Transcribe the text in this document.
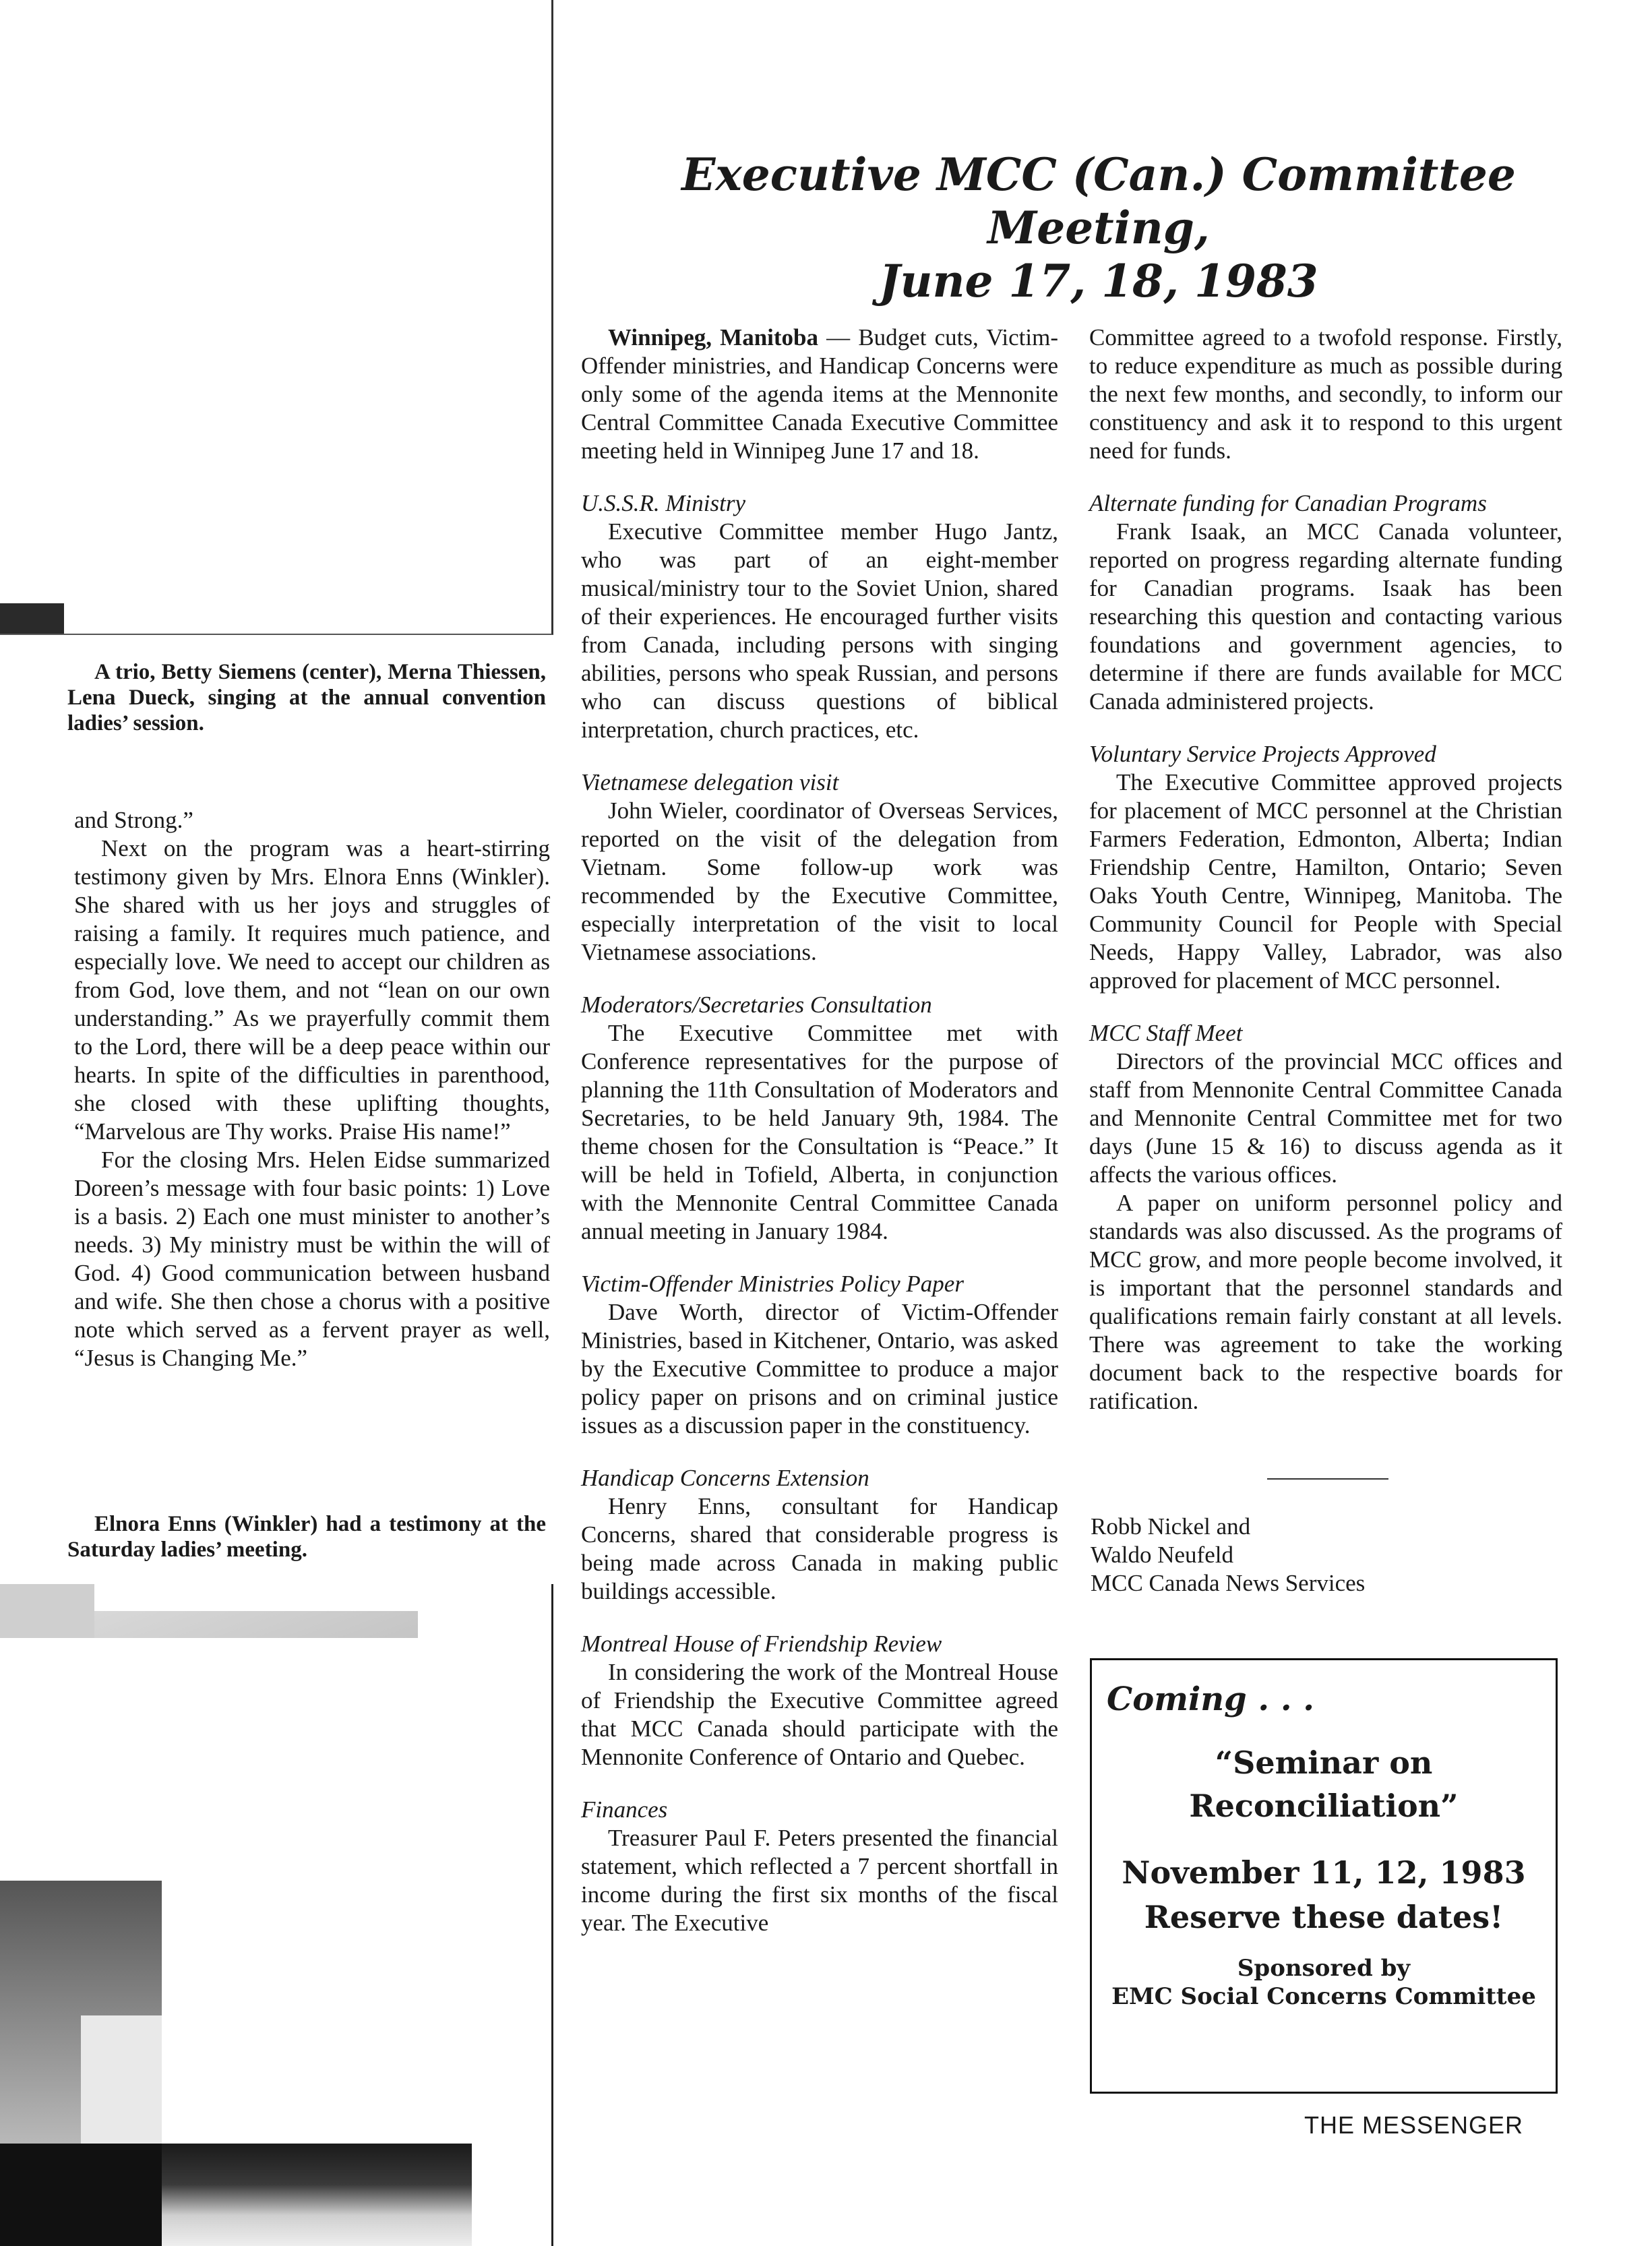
Executive MCC (Can.) Committee Meeting,
June 17, 18, 1983

A trio, Betty Siemens (center), Merna Thiessen, Lena Dueck, singing at the annual convention ladies’ session.

and Strong.”

Next on the program was a heart-stirring testimony given by Mrs. Elnora Enns (Winkler). She shared with us her joys and struggles of raising a family. It requires much patience, and especially love. We need to accept our children as from God, love them, and not “lean on our own understanding.” As we prayerfully commit them to the Lord, there will be a deep peace within our hearts. In spite of the difficulties in parenthood, she closed with these uplifting thoughts, “Marvelous are Thy works. Praise His name!”

For the closing Mrs. Helen Eidse summarized Doreen’s message with four basic points: 1) Love is a basis. 2) Each one must minister to another’s needs. 3) My ministry must be within the will of God. 4) Good communication between husband and wife. She then chose a chorus with a positive note which served as a fervent prayer as well, “Jesus is Changing Me.”

Elnora Enns (Winkler) had a testimony at the Saturday ladies’ meeting.

Winnipeg, Manitoba — Budget cuts, Victim-Offender ministries, and Handicap Concerns were only some of the agenda items at the Mennonite Central Committee Canada Executive Committee meeting held in Winnipeg June 17 and 18.

U.S.S.R. Ministry

Executive Committee member Hugo Jantz, who was part of an eight-member musical/ministry tour to the Soviet Union, shared of their experiences. He encouraged further visits from Canada, including persons with singing abilities, persons who speak Russian, and persons who can discuss questions of biblical interpretation, church practices, etc.

Vietnamese delegation visit

John Wieler, coordinator of Overseas Services, reported on the visit of the delegation from Vietnam. Some follow-up work was recommended by the Executive Committee, especially interpretation of the visit to local Vietnamese associations.

Moderators/Secretaries Consultation

The Executive Committee met with Conference representatives for the purpose of planning the 11th Consultation of Moderators and Secretaries, to be held January 9th, 1984. The theme chosen for the Consultation is “Peace.” It will be held in Tofield, Alberta, in conjunction with the Mennonite Central Committee Canada annual meeting in January 1984.

Victim-Offender Ministries Policy Paper

Dave Worth, director of Victim-Offender Ministries, based in Kitchener, Ontario, was asked by the Executive Committee to produce a major policy paper on prisons and on criminal justice issues as a discussion paper in the constituency.

Handicap Concerns Extension

Henry Enns, consultant for Handicap Concerns, shared that considerable progress is being made across Canada in making public buildings accessible.

Montreal House of Friendship Review

In considering the work of the Montreal House of Friendship the Executive Committee agreed that MCC Canada should participate with the Mennonite Conference of Ontario and Quebec.

Finances

Treasurer Paul F. Peters presented the financial statement, which reflected a 7 percent shortfall in income during the first six months of the fiscal year. The Executive

Committee agreed to a twofold response. Firstly, to reduce expenditure as much as possible during the next few months, and secondly, to inform our constituency and ask it to respond to this urgent need for funds.

Alternate funding for Canadian Programs

Frank Isaak, an MCC Canada volunteer, reported on progress regarding alternate funding for Canadian programs. Isaak has been researching this question and contacting various foundations and government agencies, to determine if there are funds available for MCC Canada administered projects.

Voluntary Service Projects Approved

The Executive Committee approved projects for placement of MCC personnel at the Christian Farmers Federation, Edmonton, Alberta; Indian Friendship Centre, Hamilton, Ontario; Seven Oaks Youth Centre, Winnipeg, Manitoba. The Community Council for People with Special Needs, Happy Valley, Labrador, was also approved for placement of MCC personnel.

MCC Staff Meet

Directors of the provincial MCC offices and staff from Mennonite Central Committee Canada and Mennonite Central Committee met for two days (June 15 & 16) to discuss agenda as it affects the various offices.

A paper on uniform personnel policy and standards was also discussed. As the programs of MCC grow, and more people become involved, it is important that the personnel standards and qualifications remain fairly constant at all levels. There was agreement to take the working document back to the respective boards for ratification.

Robb Nickel and
Waldo Neufeld
MCC Canada News Services
Coming . . .
“Seminar on
Reconciliation”
November 11, 12, 1983
Reserve these dates!
Sponsored by
EMC Social Concerns Committee
THE MESSENGER
